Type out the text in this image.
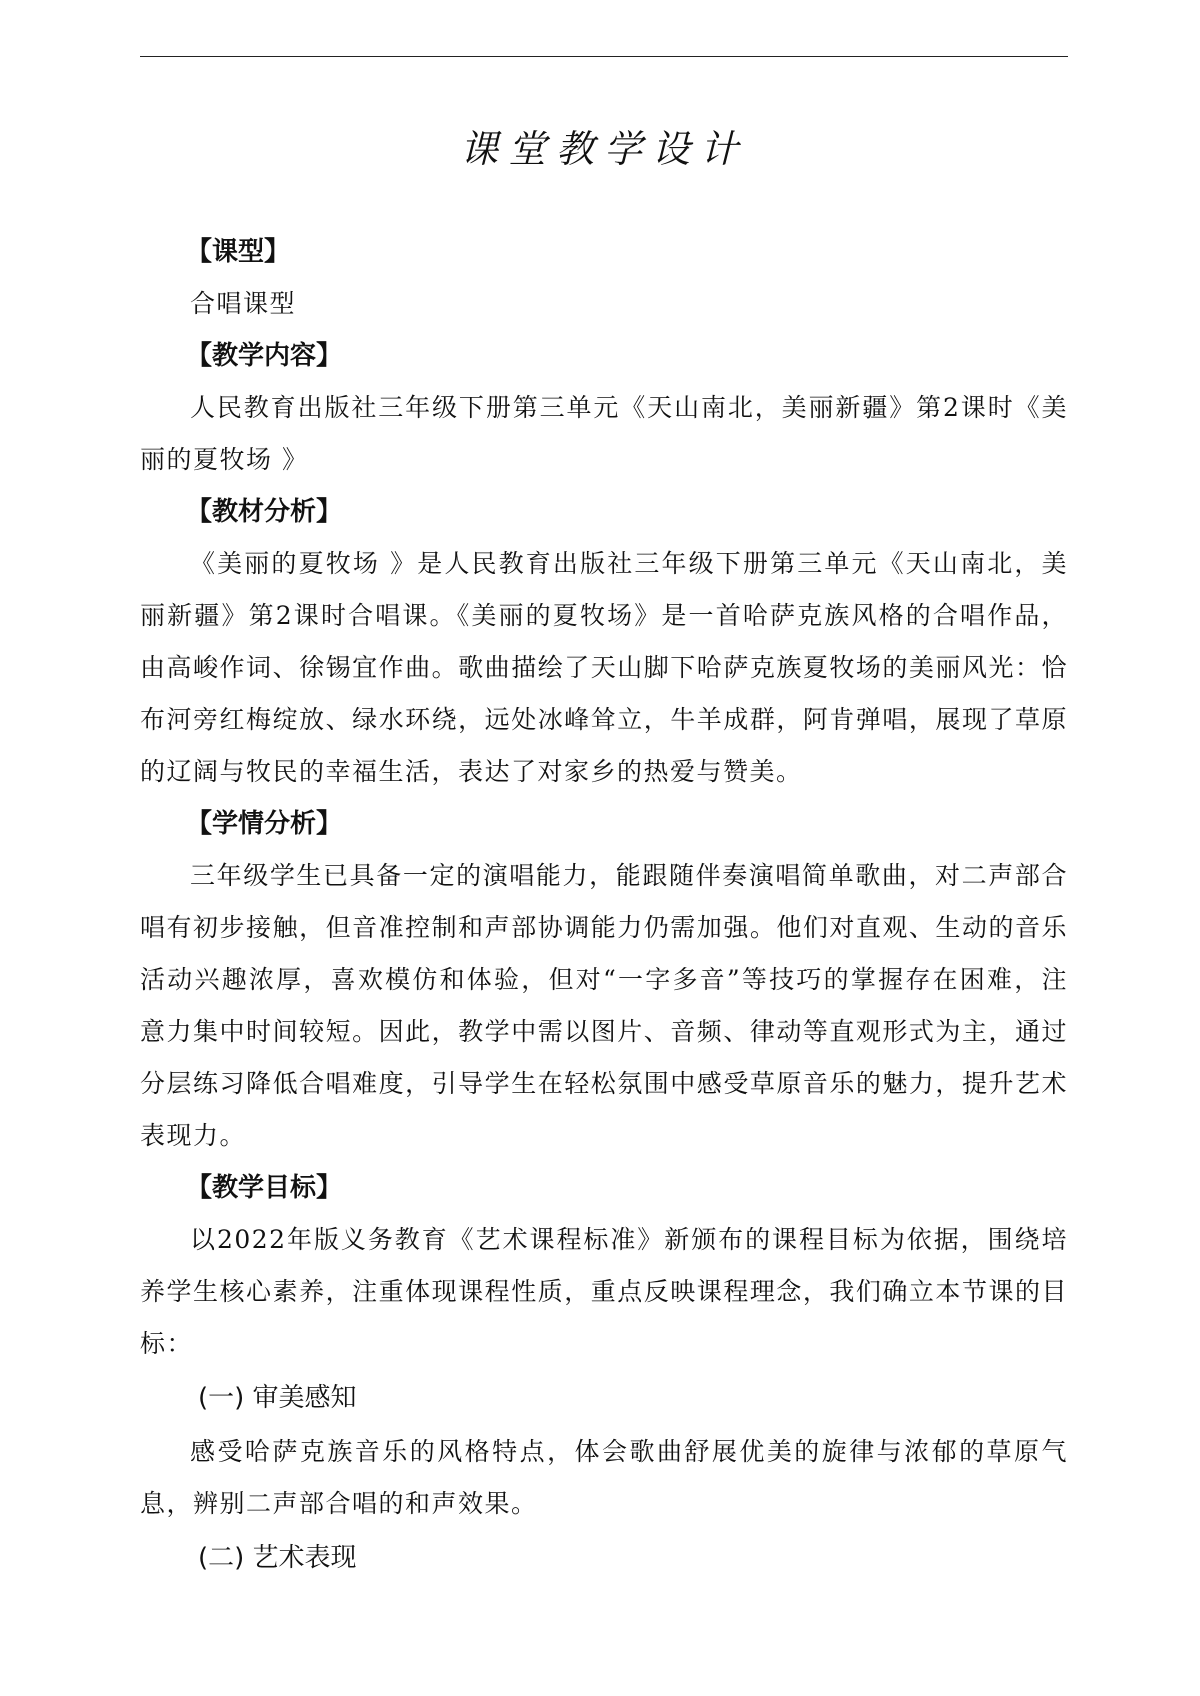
课堂教学设计

【课型】

合唱课型

【教学内容】

人民教育出版社三年级下册第三单元《天山南北，美丽新疆》第2课时《美丽的夏牧场 》

【教材分析】

《美丽的夏牧场 》是人民教育出版社三年级下册第三单元《天山南北，美丽新疆》第2课时合唱课。《美丽的夏牧场》是一首哈萨克族风格的合唱作品，由高峻作词、徐锡宜作曲。歌曲描绘了天山脚下哈萨克族夏牧场的美丽风光：恰布河旁红梅绽放、绿水环绕，远处冰峰耸立，牛羊成群，阿肯弹唱，展现了草原的辽阔与牧民的幸福生活，表达了对家乡的热爱与赞美。

【学情分析】

三年级学生已具备一定的演唱能力，能跟随伴奏演唱简单歌曲，对二声部合唱有初步接触，但音准控制和声部协调能力仍需加强。他们对直观、生动的音乐活动兴趣浓厚，喜欢模仿和体验，但对“一字多音”等技巧的掌握存在困难，注意力集中时间较短。因此，教学中需以图片、音频、律动等直观形式为主，通过分层练习降低合唱难度，引导学生在轻松氛围中感受草原音乐的魅力，提升艺术表现力。

【教学目标】

以2022年版义务教育《艺术课程标准》新颁布的课程目标为依据，围绕培养学生核心素养，注重体现课程性质，重点反映课程理念，我们确立本节课的目标：

(一) 审美感知

感受哈萨克族音乐的风格特点，体会歌曲舒展优美的旋律与浓郁的草原气息，辨别二声部合唱的和声效果。

(二) 艺术表现
